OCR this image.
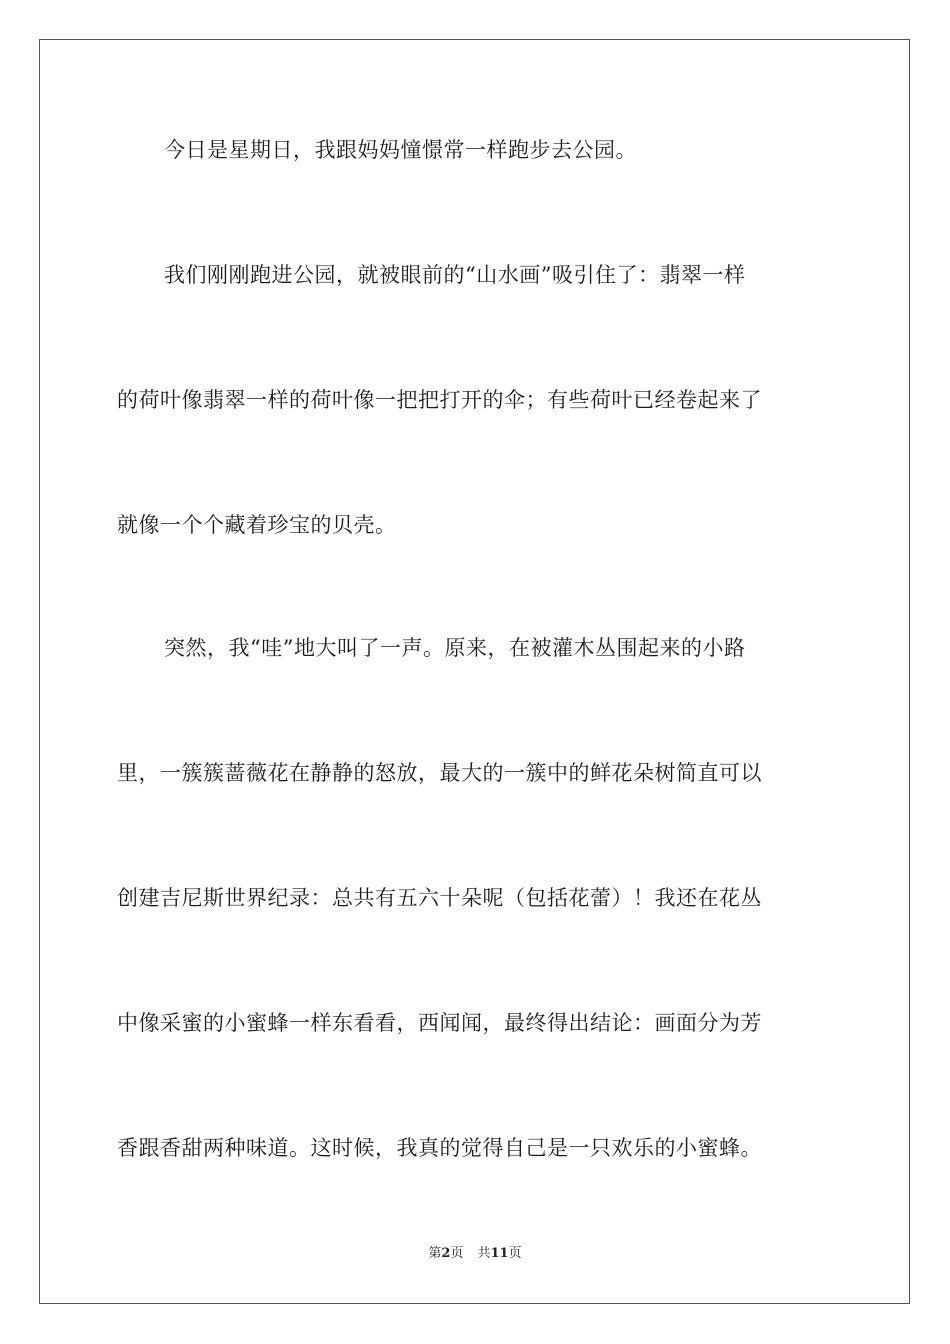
今日是星期日，我跟妈妈憧憬常一样跑步去公园。
我们刚刚跑进公园，就被眼前的“山水画”吸引住了：翡翠一样
的荷叶像翡翠一样的荷叶像一把把打开的伞；有些荷叶已经卷起来了
就像一个个藏着珍宝的贝壳。
突然，我“哇”地大叫了一声。原来，在被灌木丛围起来的小路
里，一簇簇蔷薇花在静静的怒放，最大的一簇中的鲜花朵树简直可以
创建吉尼斯世界纪录：总共有五六十朵呢（包括花蕾）！我还在花丛
中像采蜜的小蜜蜂一样东看看，西闻闻，最终得出结论：画面分为芳
香跟香甜两种味道。这时候，我真的觉得自己是一只欢乐的小蜜蜂。
第2页 共11页
